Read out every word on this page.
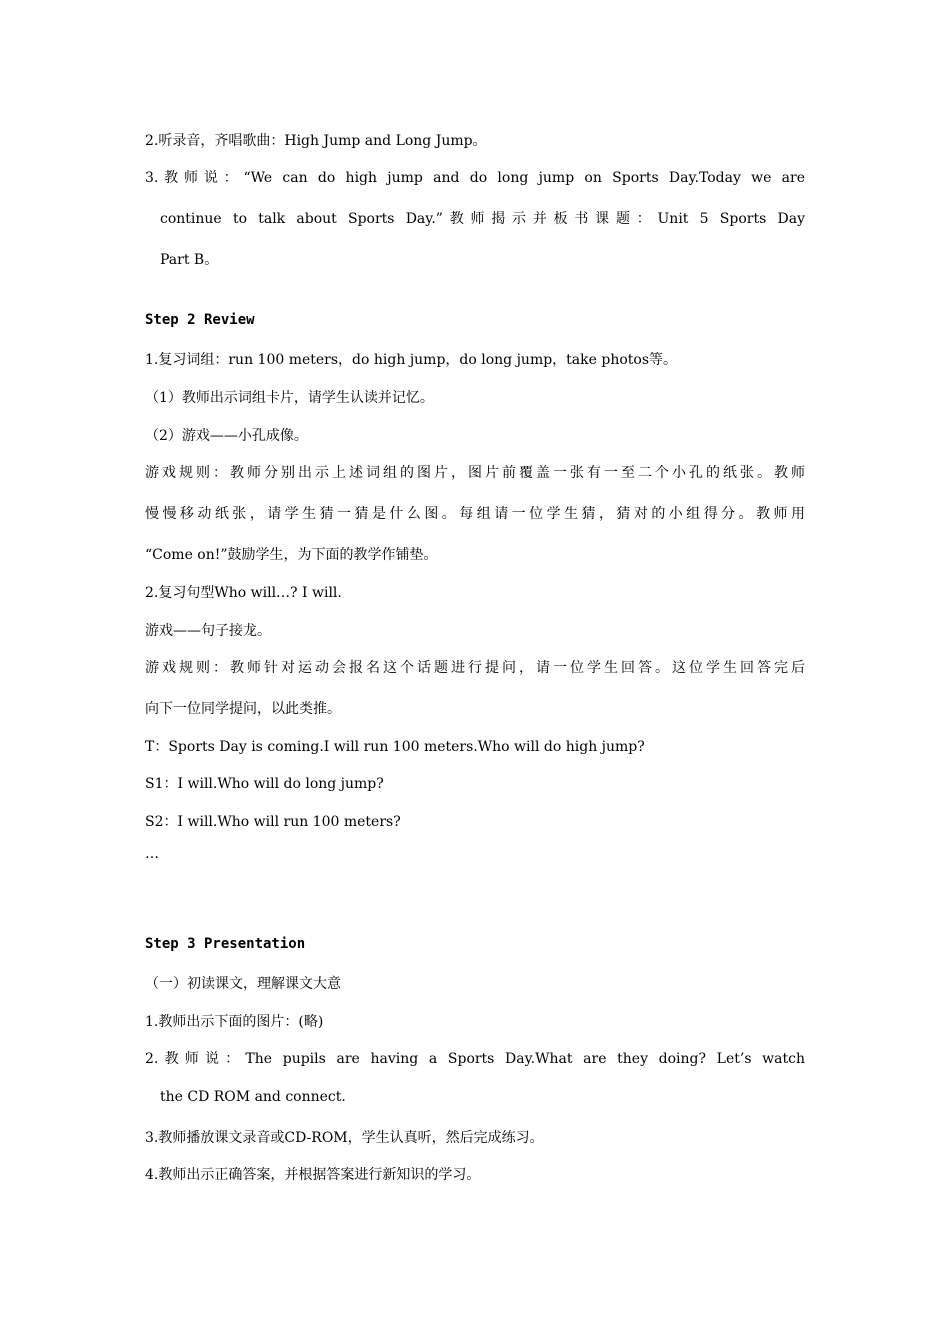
2.听录音，齐唱歌曲：High Jump and Long Jump。
3.教师说：“We can do high jump and do long jump on Sports Day.Today we are
continue to talk about Sports Day.”教师揭示并板书课题：Unit 5 Sports Day
Part B。
Step 2 Review
1.复习词组：run 100 meters，do high jump，do long jump，take photos等。
（1）教师出示词组卡片，请学生认读并记忆。
（2）游戏——小孔成像。
游戏规则：教师分别出示上述词组的图片，图片前覆盖一张有一至二个小孔的纸张。教师
慢慢移动纸张，请学生猜一猜是什么图。每组请一位学生猜，猜对的小组得分。教师用
“Come on!”鼓励学生，为下面的教学作铺垫。
2.复习句型Who will…? I will.
游戏——句子接龙。
游戏规则：教师针对运动会报名这个话题进行提问，请一位学生回答。这位学生回答完后
向下一位同学提问，以此类推。
T：Sports Day is coming.I will run 100 meters.Who will do high jump?
S1：I will.Who will do long jump?
S2：I will.Who will run 100 meters?
…
Step 3 Presentation
（一）初读课文，理解课文大意
1.教师出示下面的图片：(略)
2.教师说：The pupils are having a Sports Day.What are they doing? Let’s watch
the CD ROM and connect.
3.教师播放课文录音或CD-ROM，学生认真听，然后完成练习。
4.教师出示正确答案，并根据答案进行新知识的学习。
